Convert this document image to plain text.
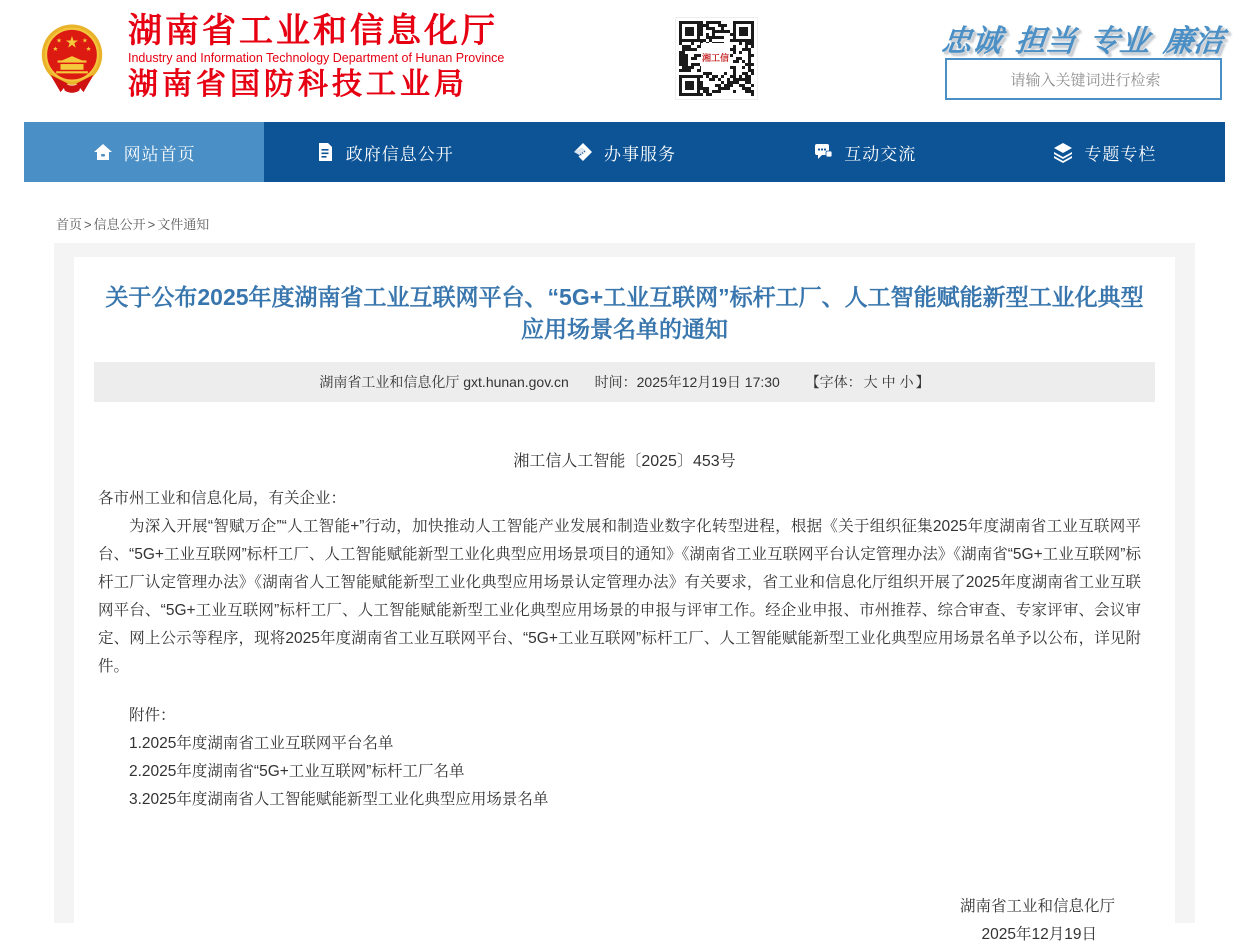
★
★ ★
★	★ 湖南省工业和信息化厅
Industry and Information Technology Department of Hunan Province
湖南省国防科技工业局
湘工信	忠诚 担当 专业 廉洁
请输入关键词进行检索
网站首页	政府信息公开	办事服务	互动交流	专题专栏
首页 > 信息公开 > 文件通知
关于公布2025年度湖南省工业互联网平台、“5G+工业互联网”标杆工厂、人工智能赋能新型工业化典型应用场景名单的通知
湖南省工业和信息化厅 gxt.hunan.gov.cn 时间：2025年12月19日 17:30 【字体： 大 中 小 】
湘工信人工智能〔2025〕453号

各市州工业和信息化局，有关企业：

为深入开展“智赋万企”“人工智能+”行动，加快推动人工智能产业发展和制造业数字化转型进程，根据《关于组织征集2025年度湖南省工业互联网平台、“5G+工业互联网”标杆工厂、人工智能赋能新型工业化典型应用场景项目的通知》《湖南省工业互联网平台认定管理办法》《湖南省“5G+工业互联网”标杆工厂认定管理办法》《湖南省人工智能赋能新型工业化典型应用场景认定管理办法》有关要求，省工业和信息化厅组织开展了2025年度湖南省工业互联网平台、“5G+工业互联网”标杆工厂、人工智能赋能新型工业化典型应用场景的申报与评审工作。经企业申报、市州推荐、综合审查、专家评审、会议审定、网上公示等程序，现将2025年度湖南省工业互联网平台、“5G+工业互联网”标杆工厂、人工智能赋能新型工业化典型应用场景名单予以公布，详见附件。

附件：
1.2025年度湖南省工业互联网平台名单
2.2025年度湖南省“5G+工业互联网”标杆工厂名单
3.2025年度湖南省人工智能赋能新型工业化典型应用场景名单
湖南省工业和信息化厅
2025年12月19日
